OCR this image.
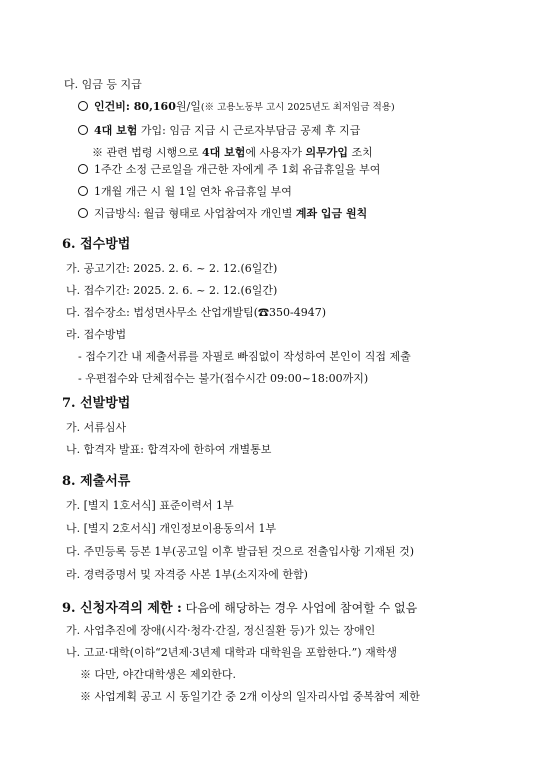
다. 임금 등 지급
인건비: 80,160원/일(※ 고용노동부 고시 2025년도 최저임금 적용)
4대 보험 가입: 임금 지급 시 근로자부담금 공제 후 지급
※ 관련 법령 시행으로 4대 보험에 사용자가 의무가입 조치
1주간 소정 근로일을 개근한 자에게 주 1회 유급휴일을 부여
1개월 개근 시 월 1일 연차 유급휴일 부여
지급방식: 월급 형태로 사업참여자 개인별 계좌 입금 원칙
6. 접수방법
가. 공고기간: 2025. 2. 6. ~ 2. 12.(6일간)
나. 접수기간: 2025. 2. 6. ~ 2. 12.(6일간)
다. 접수장소: 법성면사무소 산업개발팀(☎350-4947)
라. 접수방법
- 접수기간 내 제출서류를 자필로 빠짐없이 작성하여 본인이 직접 제출
- 우편접수와 단체접수는 불가(접수시간 09:00~18:00까지)
7. 선발방법
가. 서류심사
나. 합격자 발표: 합격자에 한하여 개별통보
8. 제출서류
가. [별지 1호서식] 표준이력서 1부
나. [별지 2호서식] 개인정보이용동의서 1부
다. 주민등록 등본 1부(공고일 이후 발급된 것으로 전출입사항 기재된 것)
라. 경력증명서 및 자격증 사본 1부(소지자에 한함)
9. 신청자격의 제한 : 다음에 해당하는 경우 사업에 참여할 수 없음
가. 사업추진에 장애(시각·청각·간질, 정신질환 등)가 있는 장애인
나. 고교·대학(이하“2년제·3년제 대학과 대학원을 포함한다.”) 재학생
※ 다만, 야간대학생은 제외한다.
※ 사업계획 공고 시 동일기간 중 2개 이상의 일자리사업 중복참여 제한
